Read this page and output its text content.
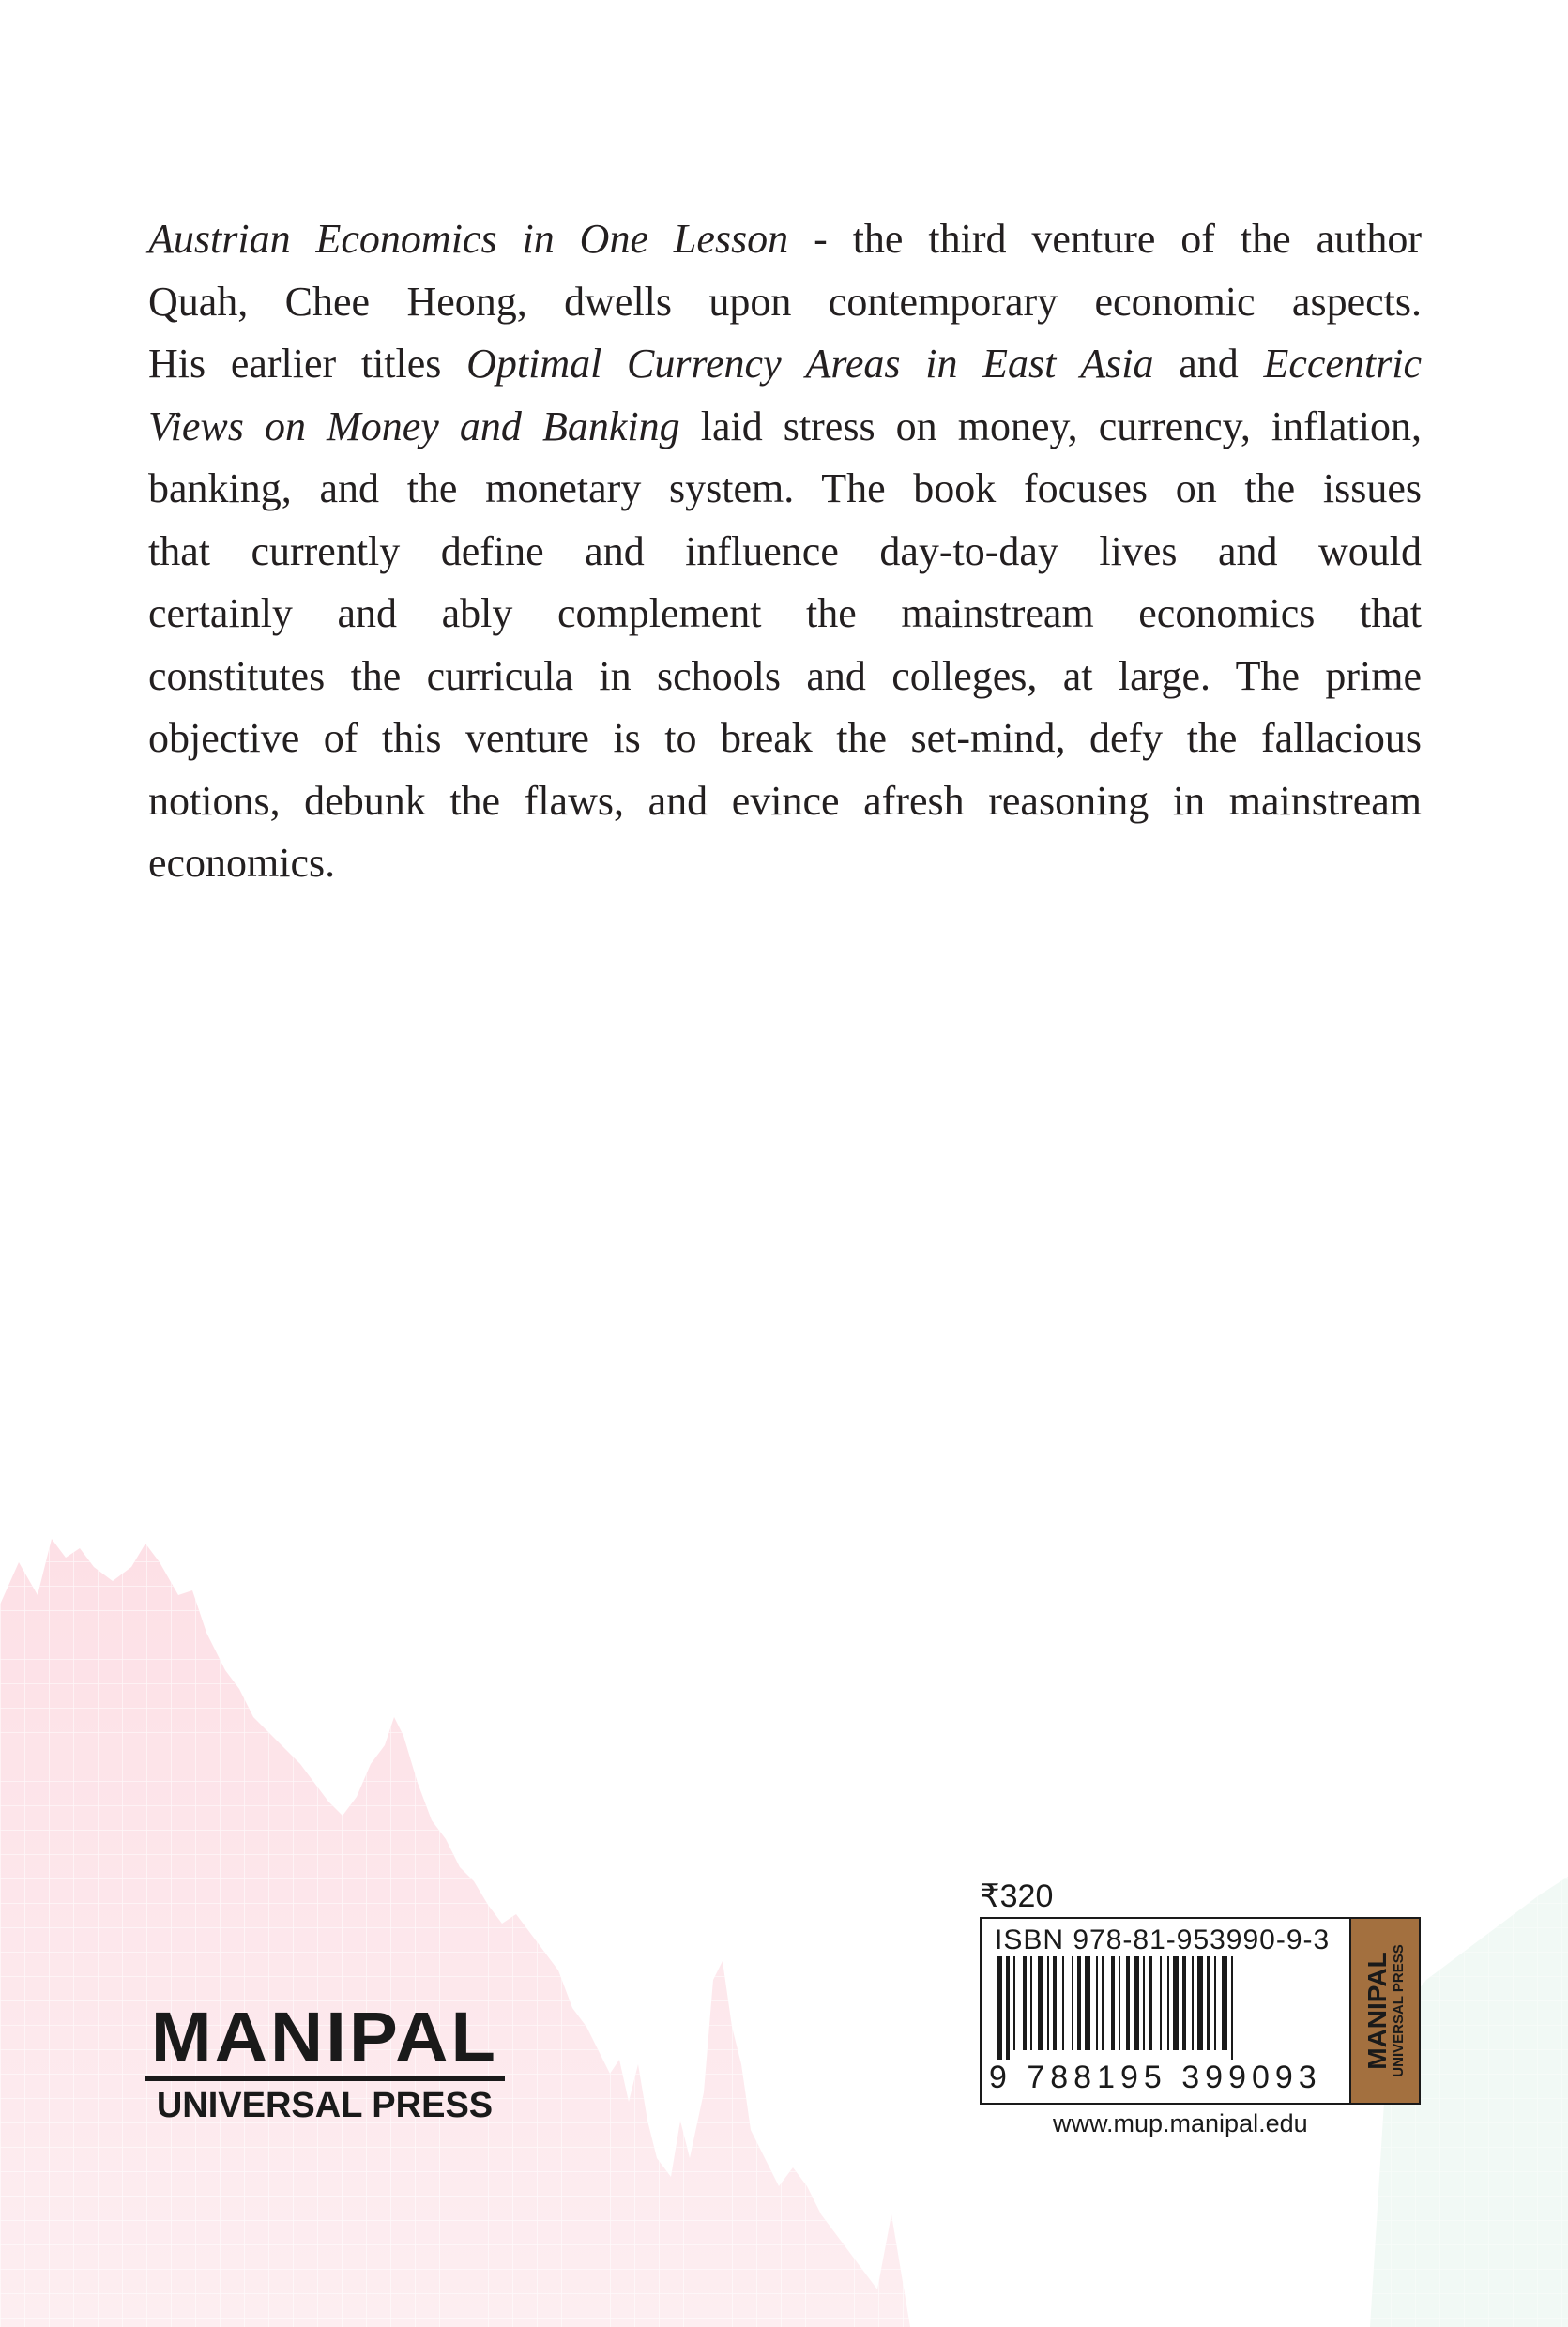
Austrian Economics in One Lesson - the third venture of the author
Quah, Chee Heong, dwells upon contemporary economic aspects.
His earlier titles Optimal Currency Areas in East Asia and Eccentric
Views on Money and Banking laid stress on money, currency, inflation,
banking, and the monetary system. The book focuses on the issues
that currently define and influence day-to-day lives and would
certainly and ably complement the mainstream economics that
constitutes the curricula in schools and colleges, at large. The prime
objective of this venture is to break the set-mind, defy the fallacious
notions, debunk the flaws, and evince afresh reasoning in mainstream
economics.
MANIPAL
UNIVERSAL PRESS
₹320
ISBN 978-81-953990-9-3
9 788195 399093
MANIPAL UNIVERSAL PRESS
www.mup.manipal.edu
